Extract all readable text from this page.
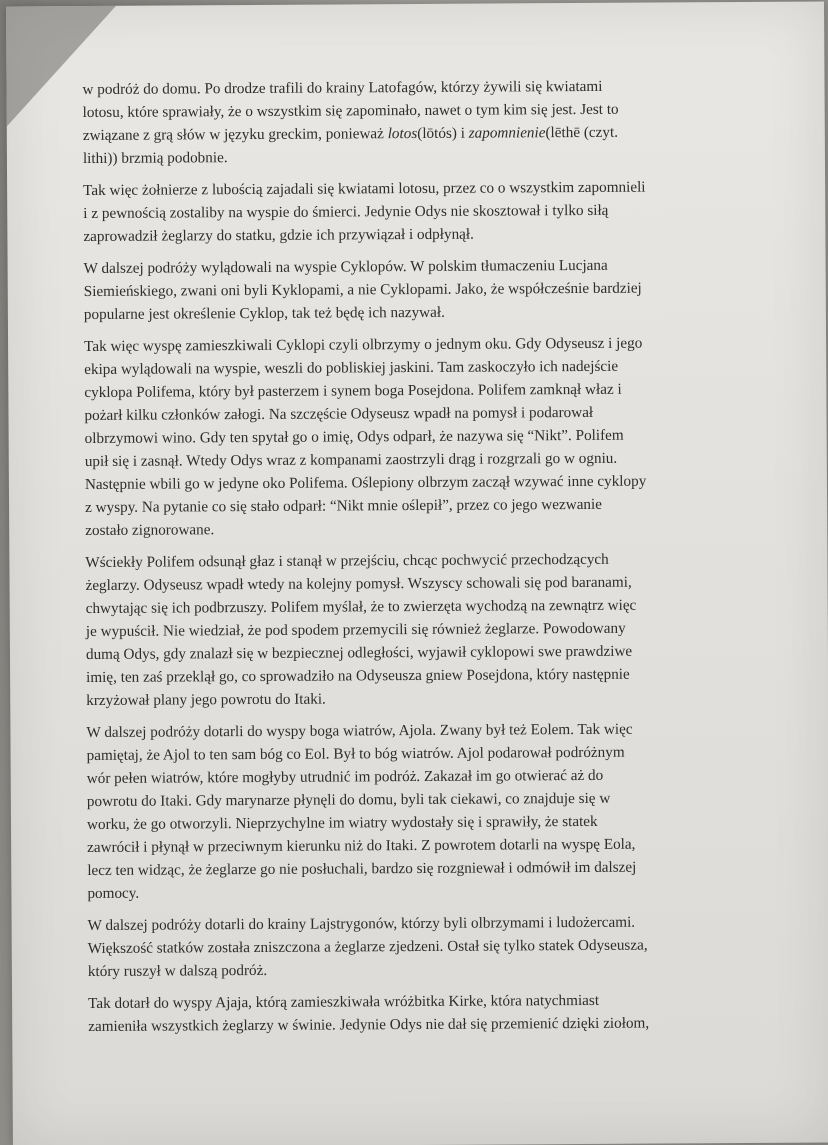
w podróż do domu. Po drodze trafili do krainy Latofagów, którzy żywili się kwiatami
lotosu, które sprawiały, że o wszystkim się zapominało, nawet o tym kim się jest. Jest to
związane z grą słów w języku greckim, ponieważ lotos(lōtós) i zapomnienie(lēthē (czyt.
lithi)) brzmią podobnie.

Tak więc żołnierze z lubością zajadali się kwiatami lotosu, przez co o wszystkim zapomnieli
i z pewnością zostaliby na wyspie do śmierci. Jedynie Odys nie skosztował i tylko siłą
zaprowadził żeglarzy do statku, gdzie ich przywiązał i odpłynął.

W dalszej podróży wylądowali na wyspie Cyklopów. W polskim tłumaczeniu Lucjana
Siemieńskiego, zwani oni byli Kyklopami, a nie Cyklopami. Jako, że współcześnie bardziej
popularne jest określenie Cyklop, tak też będę ich nazywał.

Tak więc wyspę zamieszkiwali Cyklopi czyli olbrzymy o jednym oku. Gdy Odyseusz i jego
ekipa wylądowali na wyspie, weszli do pobliskiej jaskini. Tam zaskoczyło ich nadejście
cyklopa Polifema, który był pasterzem i synem boga Posejdona. Polifem zamknął właz i
pożarł kilku członków załogi. Na szczęście Odyseusz wpadł na pomysł i podarował
olbrzymowi wino. Gdy ten spytał go o imię, Odys odparł, że nazywa się “Nikt”. Polifem
upił się i zasnął. Wtedy Odys wraz z kompanami zaostrzyli drąg i rozgrzali go w ogniu.
Następnie wbili go w jedyne oko Polifema. Oślepiony olbrzym zaczął wzywać inne cyklopy
z wyspy. Na pytanie co się stało odparł: “Nikt mnie oślepił”, przez co jego wezwanie
zostało zignorowane.

Wściekły Polifem odsunął głaz i stanął w przejściu, chcąc pochwycić przechodzących
żeglarzy. Odyseusz wpadł wtedy na kolejny pomysł. Wszyscy schowali się pod baranami,
chwytając się ich podbrzuszy. Polifem myślał, że to zwierzęta wychodzą na zewnątrz więc
je wypuścił. Nie wiedział, że pod spodem przemycili się również żeglarze. Powodowany
dumą Odys, gdy znalazł się w bezpiecznej odległości, wyjawił cyklopowi swe prawdziwe
imię, ten zaś przeklął go, co sprowadziło na Odyseusza gniew Posejdona, który następnie
krzyżował plany jego powrotu do Itaki.

W dalszej podróży dotarli do wyspy boga wiatrów, Ajola. Zwany był też Eolem. Tak więc
pamiętaj, że Ajol to ten sam bóg co Eol. Był to bóg wiatrów. Ajol podarował podróżnym
wór pełen wiatrów, które mogłyby utrudnić im podróż. Zakazał im go otwierać aż do
powrotu do Itaki. Gdy marynarze płynęli do domu, byli tak ciekawi, co znajduje się w
worku, że go otworzyli. Nieprzychylne im wiatry wydostały się i sprawiły, że statek
zawrócił i płynął w przeciwnym kierunku niż do Itaki. Z powrotem dotarli na wyspę Eola,
lecz ten widząc, że żeglarze go nie posłuchali, bardzo się rozgniewał i odmówił im dalszej
pomocy.

W dalszej podróży dotarli do krainy Lajstrygonów, którzy byli olbrzymami i ludożercami.
Większość statków została zniszczona a żeglarze zjedzeni. Ostał się tylko statek Odyseusza,
który ruszył w dalszą podróż.

Tak dotarł do wyspy Ajaja, którą zamieszkiwała wróżbitka Kirke, która natychmiast
zamieniła wszystkich żeglarzy w świnie. Jedynie Odys nie dał się przemienić dzięki ziołom,
